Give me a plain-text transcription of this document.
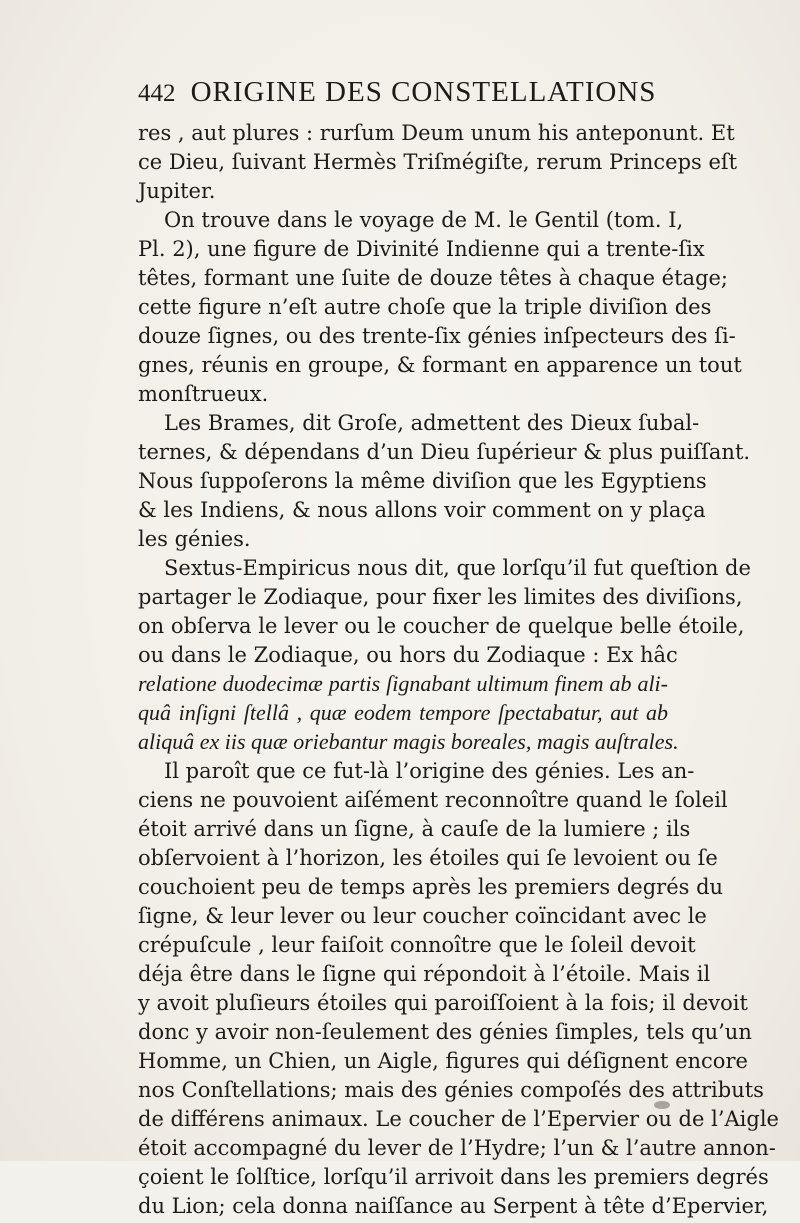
442 ORIGINE DES CONSTELLATIONS
res , aut plures : rurſum Deum unum his anteponunt. Et
ce Dieu, ſuivant Hermès Triſmégiſte, rerum Princeps eſt
Jupiter.
On trouve dans le voyage de M. le Gentil (tom. I,
Pl. 2), une figure de Divinité Indienne qui a trente-ſix
têtes, formant une ſuite de douze têtes à chaque étage;
cette figure n’eſt autre choſe que la triple diviſion des
douze ſignes, ou des trente-ſix génies inſpecteurs des ſi-
gnes, réunis en groupe, & formant en apparence un tout
monſtrueux.
Les Brames, dit Groſe, admettent des Dieux ſubal-
ternes, & dépendans d’un Dieu ſupérieur & plus puiſſant.
Nous ſuppoſerons la même diviſion que les Egyptiens
& les Indiens, & nous allons voir comment on y plaça
les génies.
Sextus-Empiricus nous dit, que lorſqu’il fut queſtion de
partager le Zodiaque, pour fixer les limites des diviſions,
on obſerva le lever ou le coucher de quelque belle étoile,
ou dans le Zodiaque, ou hors du Zodiaque : Ex hâc
relatione duodecimæ partis ſignabant ultimum finem ab ali-
quâ inſigni ſtellâ , quæ eodem tempore ſpectabatur, aut ab
aliquâ ex iis quæ oriebantur magis boreales, magis auſtrales.
Il paroît que ce fut-là l’origine des génies. Les an-
ciens ne pouvoient aiſément reconnoître quand le ſoleil
étoit arrivé dans un ſigne, à cauſe de la lumiere ; ils
obſervoient à l’horizon, les étoiles qui ſe levoient ou ſe
couchoient peu de temps après les premiers degrés du
ſigne, & leur lever ou leur coucher coïncidant avec le
crépuſcule , leur faiſoit connoître que le ſoleil devoit
déja être dans le ſigne qui répondoit à l’étoile. Mais il
y avoit pluſieurs étoiles qui paroiſſoient à la fois; il devoit
donc y avoir non-ſeulement des génies ſimples, tels qu’un
Homme, un Chien, un Aigle, figures qui déſignent encore
nos Conſtellations; mais des génies compoſés des attributs
de différens animaux. Le coucher de l’Epervier ou de l’Aigle
étoit accompagné du lever de l’Hydre; l’un & l’autre annon-
çoient le ſolſtice, lorſqu’il arrivoit dans les premiers degrés
du Lion; cela donna naiſſance au Serpent à tête d’Epervier,
